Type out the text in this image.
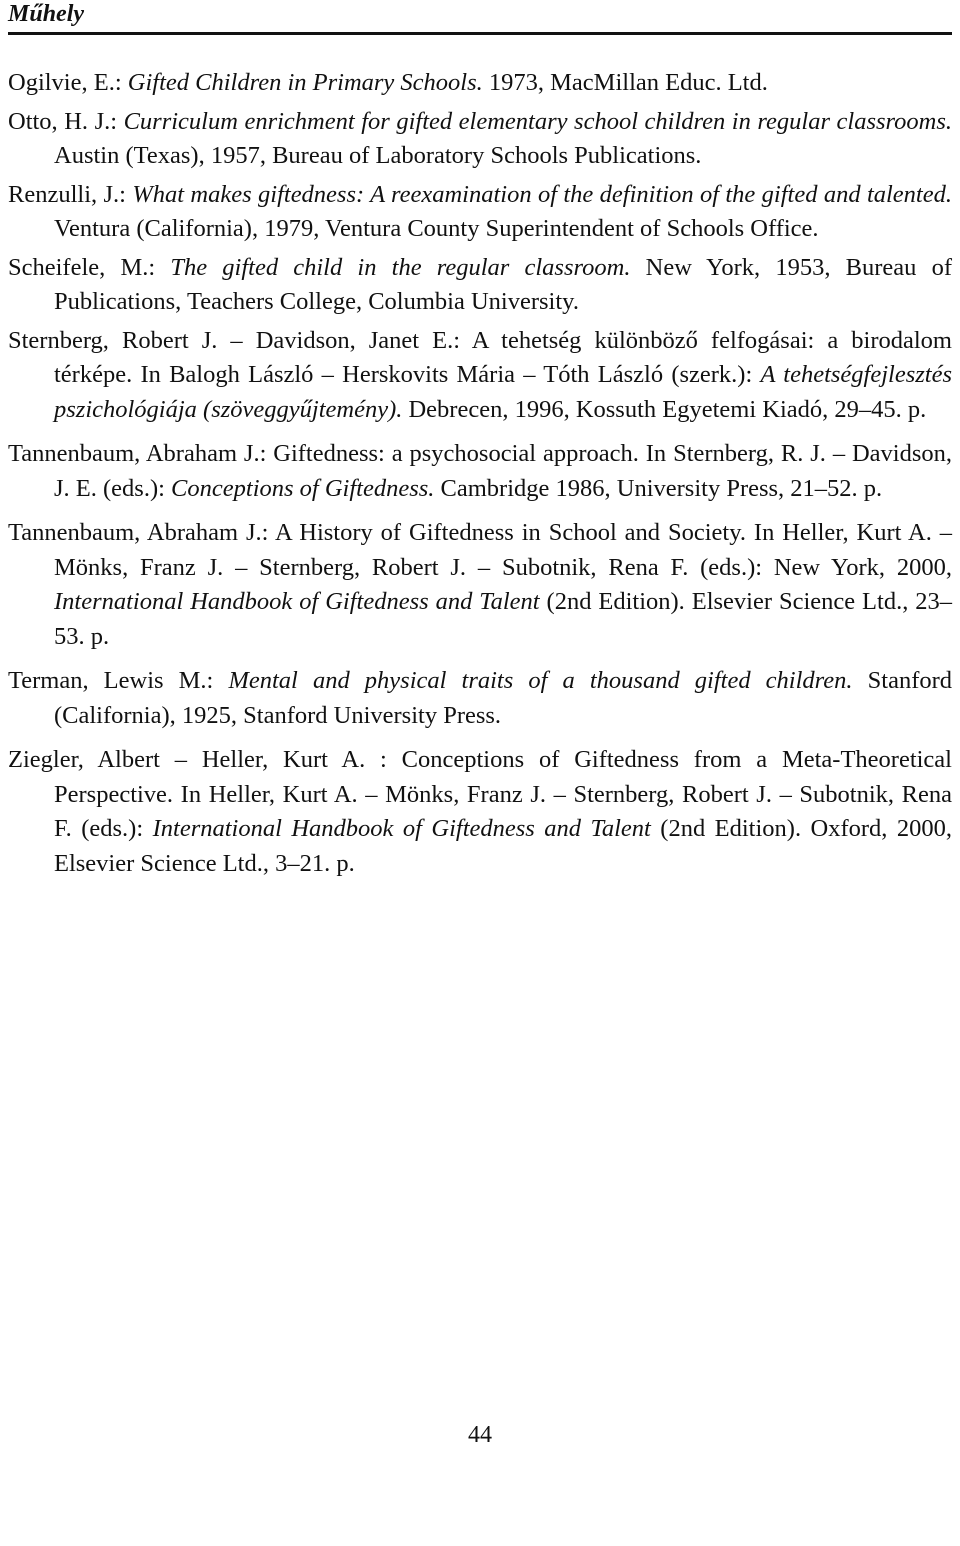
Műhely

Ogilvie, E.: Gifted Children in Primary Schools. 1973, MacMillan Educ. Ltd.

Otto, H. J.: Curriculum enrichment for gifted elementary school children in regular classrooms. Austin (Texas), 1957, Bureau of Laboratory Schools Publications.

Renzulli, J.: What makes giftedness: A reexamination of the definition of the gifted and talented. Ventura (California), 1979, Ventura County Superintendent of Schools Office.

Scheifele, M.: The gifted child in the regular classroom. New York, 1953, Bureau of Publications, Teachers College, Columbia University.

Sternberg, Robert J. – Davidson, Janet E.: A tehetség különböző felfogásai: a birodalom térképe. In Balogh László – Herskovits Mária – Tóth László (szerk.): A tehetségfejlesztés pszichológiája (szöveggyűjtemény). Debrecen, 1996, Kossuth Egyetemi Kiadó, 29–45. p.

Tannenbaum, Abraham J.: Giftedness: a psychosocial approach. In Sternberg, R. J. – Davidson, J. E. (eds.): Conceptions of Giftedness. Cambridge 1986, University Press, 21–52. p.

Tannenbaum, Abraham J.: A History of Giftedness in School and Society. In Heller, Kurt A. – Mönks, Franz J. – Sternberg, Robert J. – Subotnik, Rena F. (eds.): New York, 2000, International Handbook of Giftedness and Talent (2nd Edition). Elsevier Science Ltd., 23–53. p.

Terman, Lewis M.: Mental and physical traits of a thousand gifted children. Stanford (California), 1925, Stanford University Press.

Ziegler, Albert – Heller, Kurt A. : Conceptions of Giftedness from a Meta-Theoretical Perspective. In Heller, Kurt A. – Mönks, Franz J. – Sternberg, Robert J. – Subotnik, Rena F. (eds.): International Handbook of Giftedness and Talent (2nd Edition). Oxford, 2000, Elsevier Science Ltd., 3–21. p.

44
